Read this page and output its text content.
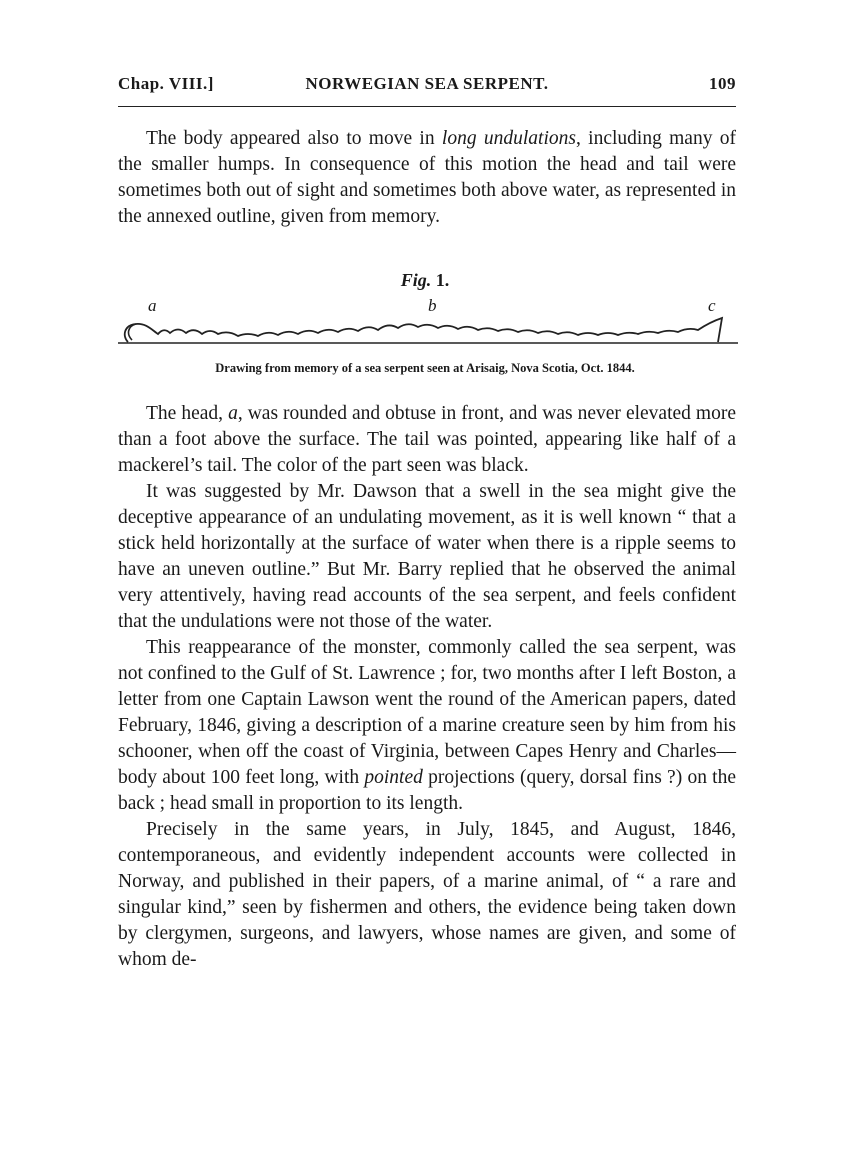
NORWEGIAN SEA SERPENT.
Chap. VIII.]	109

The body appeared also to move in long undulations, including many of the smaller humps. In consequence of this motion the head and tail were sometimes both out of sight and sometimes both above water, as represented in the annexed outline, given from memory.

Fig. 1.
a	b	c
Drawing from memory of a sea serpent seen at Arisaig, Nova Scotia, Oct. 1844.

The head, a, was rounded and obtuse in front, and was never elevated more than a foot above the surface. The tail was pointed, appearing like half of a mackerel’s tail. The color of the part seen was black.

It was suggested by Mr. Dawson that a swell in the sea might give the deceptive appearance of an undulating movement, as it is well known “ that a stick held horizontally at the surface of water when there is a ripple seems to have an uneven outline.” But Mr. Barry replied that he observed the animal very attentively, having read accounts of the sea serpent, and feels confident that the undulations were not those of the water.

This reappearance of the monster, commonly called the sea serpent, was not confined to the Gulf of St. Lawrence ; for, two months after I left Boston, a letter from one Captain Lawson went the round of the American papers, dated February, 1846, giving a description of a marine creature seen by him from his schooner, when off the coast of Virginia, between Capes Henry and Charles—body about 100 feet long, with pointed projections (query, dorsal fins ?) on the back ; head small in proportion to its length.

Precisely in the same years, in July, 1845, and August, 1846, contemporaneous, and evidently independent accounts were collected in Norway, and published in their papers, of a marine animal, of “ a rare and singular kind,” seen by fishermen and others, the evidence being taken down by clergymen, surgeons, and lawyers, whose names are given, and some of whom de-
